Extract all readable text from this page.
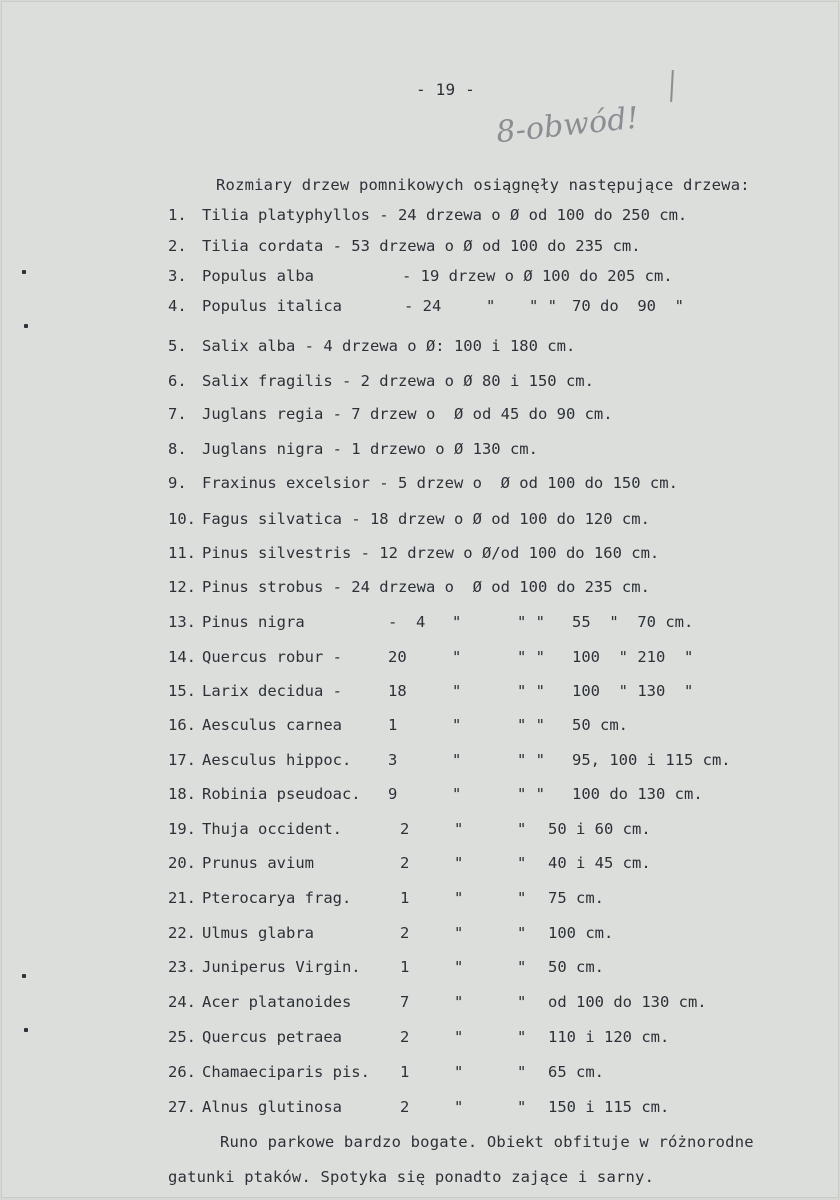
- 19 -
8-obwód!
Rozmiary drzew pomnikowych osiągnęły następujące drzewa:
1. Tilia platyphyllos - 24 drzewa o Ø od 100 do 250 cm.
2. Tilia cordata - 53 drzewa o Ø od 100 do 235 cm.
3. Populus alba	- 19 drzew o Ø 100 do 205 cm.
4. Populus italica	- 24	" " " 70 do  90  "
5. Salix alba - 4 drzewa o Ø: 100 i 180 cm.
6. Salix fragilis - 2 drzewa o Ø 80 i 150 cm.
7. Juglans regia - 7 drzew o  Ø od 45 do 90 cm.
8. Juglans nigra - 1 drzewo o Ø 130 cm.
9. Fraxinus excelsior - 5 drzew o  Ø od 100 do 150 cm.
10. Fagus silvatica - 18 drzew o Ø od 100 do 120 cm.
11. Pinus silvestris - 12 drzew o Ø/od 100 do 160 cm.
12. Pinus strobus - 24 drzewa o  Ø od 100 do 235 cm.
13. Pinus nigra	-  4 "	" " 55  "  70 cm.
14. Quercus robur -	20	"	" " 100  " 210  "
15. Larix decidua -	18	"	" " 100  " 130  "
16. Aesculus carnea	1	"	" " 50 cm.
17. Aesculus hippoc. 3	"	" " 95, 100 i 115 cm.
18. Robinia pseudoac. 9	"	" " 100 do 130 cm.
19. Thuja occident.	2	"	" 50 i 60 cm.
20. Prunus avium	2	"	" 40 i 45 cm.
21. Pterocarya frag.	1	"	" 75 cm.
22. Ulmus glabra	2	"	" 100 cm.
23. Juniperus Virgin.	1	"	" 50 cm.
24. Acer platanoides	7	"	" od 100 do 130 cm.
25. Quercus petraea	2	"	" 110 i 120 cm.
26. Chamaeciparis pis. 1	"	" 65 cm.
27. Alnus glutinosa	2	"	" 150 i 115 cm.
Runo parkowe bardzo bogate. Obiekt obfituje w różnorodne
gatunki ptaków. Spotyka się ponadto zające i sarny.
